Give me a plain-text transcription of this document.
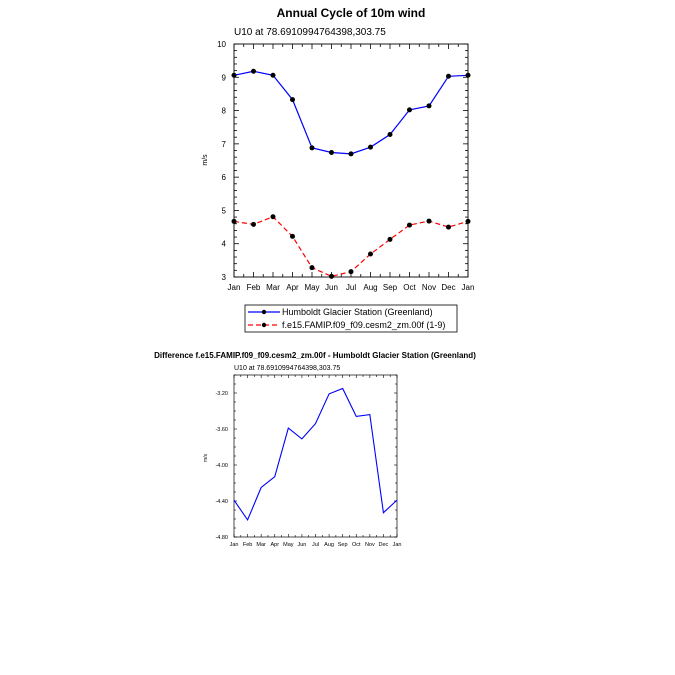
Annual Cycle of 10m wind
U10 at 78.6910994764398,303.75
m/s
Jan Feb Mar Apr May Jun Jul Aug Sep Oct Nov Dec Jan
3
4
5
6
7
8
9
10
Humboldt Glacier Station (Greenland)
f.e15.FAMIP.f09_f09.cesm2_zm.00f (1-9)
Difference f.e15.FAMIP.f09_f09.cesm2_zm.00f - Humboldt Glacier Station (Greenland)
U10 at 78.6910994764398,303.75
m/s
Jan Feb Mar Apr May Jun Jul Aug Sep Oct Nov Dec Jan
-4.80
-4.40
-4.00
-3.60
-3.20
